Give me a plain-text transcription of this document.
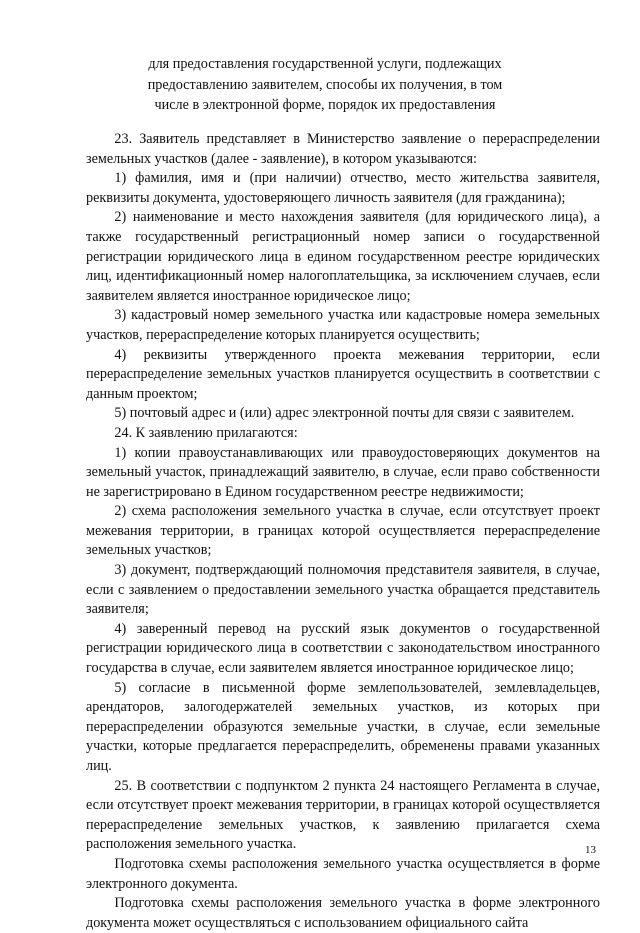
для предоставления государственной услуги, подлежащих
предоставлению заявителем, способы их получения, в том
числе в электронной форме, порядок их предоставления

23. Заявитель представляет в Министерство заявление о перераспределении земельных участков (далее - заявление), в котором указываются:

1) фамилия, имя и (при наличии) отчество, место жительства заявителя, реквизиты документа, удостоверяющего личность заявителя (для гражданина);

2) наименование и место нахождения заявителя (для юридического лица), а также государственный регистрационный номер записи о государственной регистрации юридического лица в едином государственном реестре юридических лиц, идентификационный номер налогоплательщика, за исключением случаев, если заявителем является иностранное юридическое лицо;

3) кадастровый номер земельного участка или кадастровые номера земельных участков, перераспределение которых планируется осуществить;

4) реквизиты утвержденного проекта межевания территории, если перераспределение земельных участков планируется осуществить в соответствии с данным проектом;

5) почтовый адрес и (или) адрес электронной почты для связи с заявителем.

24. К заявлению прилагаются:

1) копии правоустанавливающих или правоудостоверяющих документов на земельный участок, принадлежащий заявителю, в случае, если право собственности не зарегистрировано в Едином государственном реестре недвижимости;

2) схема расположения земельного участка в случае, если отсутствует проект межевания территории, в границах которой осуществляется перераспределение земельных участков;

3) документ, подтверждающий полномочия представителя заявителя, в случае, если с заявлением о предоставлении земельного участка обращается представитель заявителя;

4) заверенный перевод на русский язык документов о государственной регистрации юридического лица в соответствии с законодательством иностранного государства в случае, если заявителем является иностранное юридическое лицо;

5) согласие в письменной форме землепользователей, землевладельцев, арендаторов, залогодержателей земельных участков, из которых при перераспределении образуются земельные участки, в случае, если земельные участки, которые предлагается перераспределить, обременены правами указанных лиц.

25. В соответствии с подпунктом 2 пункта 24 настоящего Регламента в случае, если отсутствует проект межевания территории, в границах которой осуществляется перераспределение земельных участков, к заявлению прилагается схема расположения земельного участка.

Подготовка схемы расположения земельного участка осуществляется в форме электронного документа.

Подготовка схемы расположения земельного участка в форме электронного документа может осуществляться с использованием официального сайта

13
